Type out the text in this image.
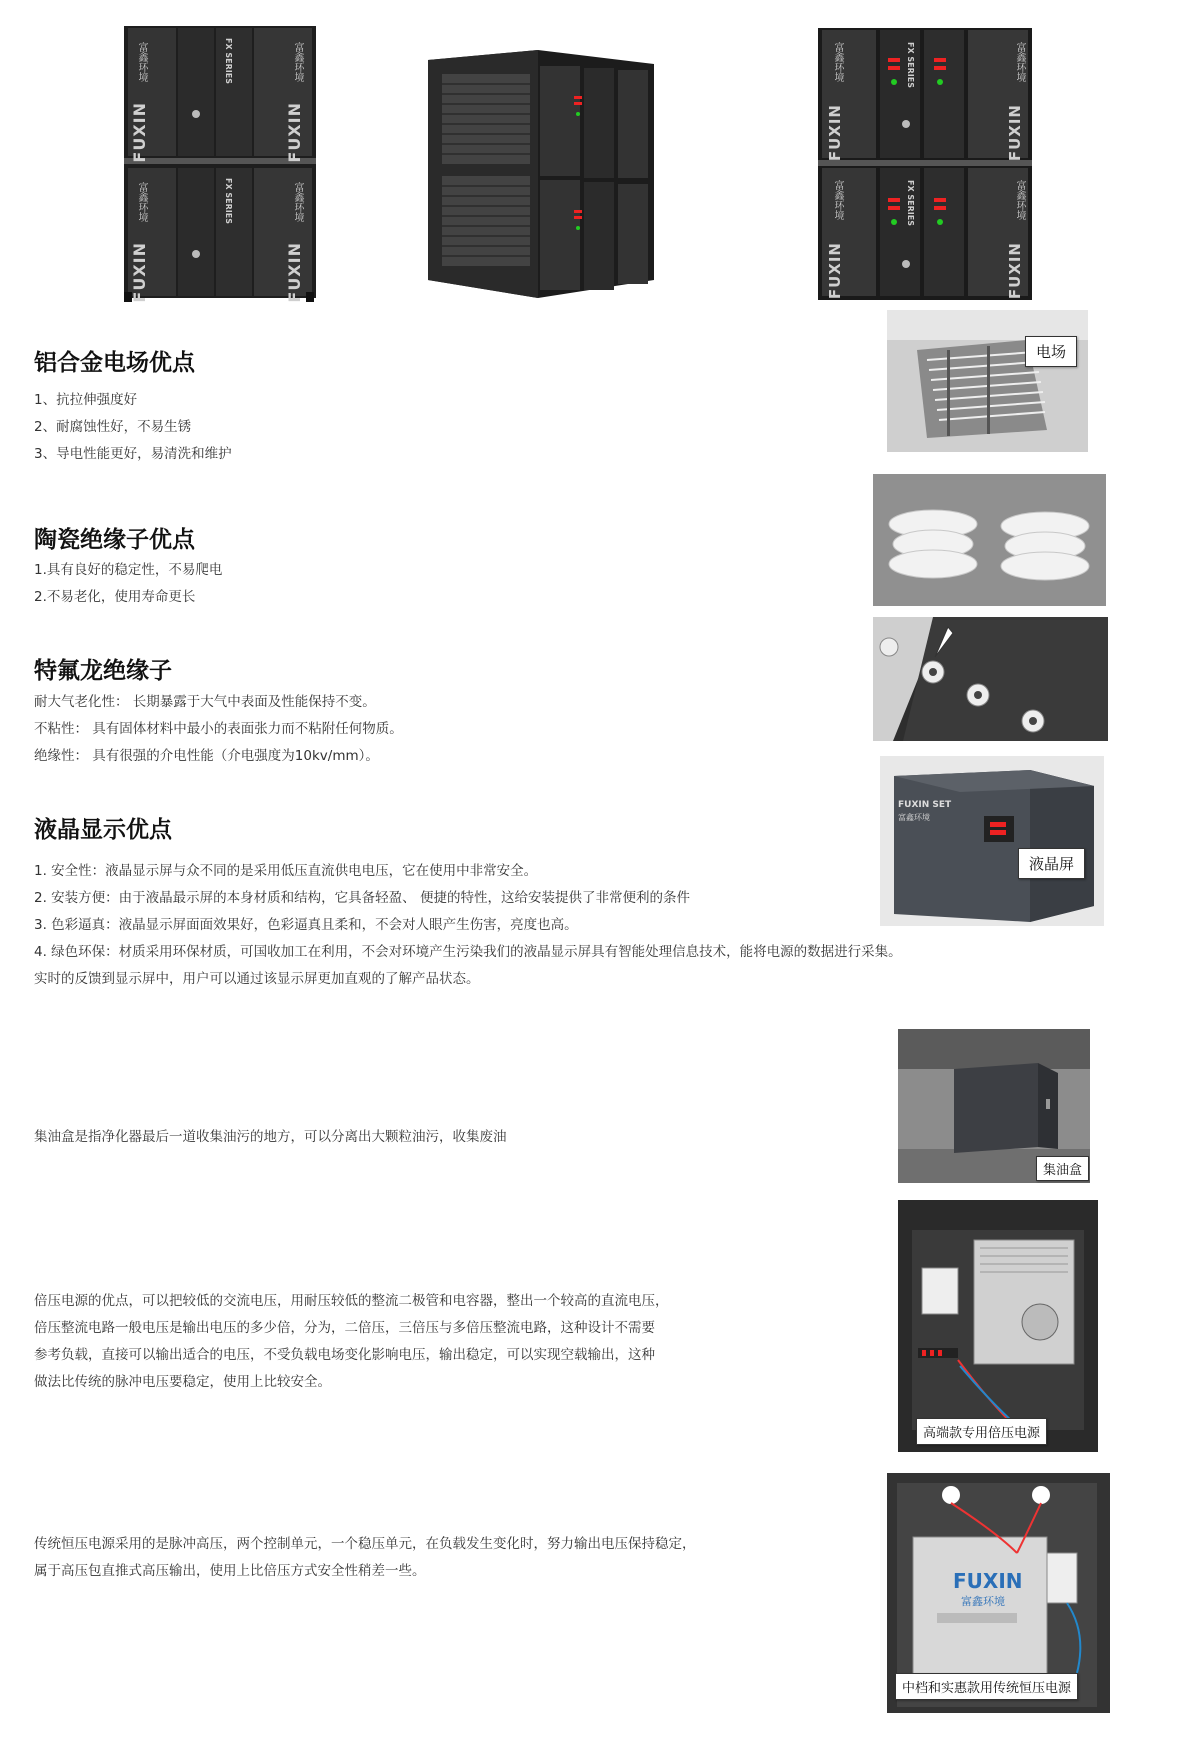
FUXIN
FUXIN
FUXIN
FUXIN
富鑫环境
富鑫环境
富鑫环境
富鑫环境
FX SERIES
FX SERIES
FUXIN
FUXIN
FUXIN
FUXIN
富鑫环境
富鑫环境
富鑫环境
富鑫环境
FX SERIES
FX SERIES
铝合金电场优点
1、抗拉伸强度好
2、耐腐蚀性好，不易生锈
3、导电性能更好，易清洗和维护
电场
陶瓷绝缘子优点
1.具有良好的稳定性，不易爬电
2.不易老化，使用寿命更长
特氟龙绝缘子
耐大气老化性： 长期暴露于大气中表面及性能保持不变。
不粘性： 具有固体材料中最小的表面张力而不粘附任何物质。
绝缘性： 具有很强的介电性能（介电强度为10kv/mm）。
液晶显示优点
1. 安全性：液晶显示屏与众不同的是采用低压直流供电电压，它在使用中非常安全。
2. 安装方便：由于液晶最示屏的本身材质和结构，它具备轻盈、 便捷的特性，这给安装提供了非常便利的条件
3. 色彩逼真：液晶显示屏面面效果好，色彩逼真且柔和，不会对人眼产生伤害，亮度也高。
4. 绿色环保：材质采用环保材质，可国收加工在利用，不会对环境产生污染我们的液晶显示屏具有智能处理信息技术，能将电源的数据进行采集。
实时的反馈到显示屏中，用户可以通过该显示屏更加直观的了解产品状态。
FUXIN SET
富鑫环境
液晶屏
集油盒是指净化器最后一道收集油污的地方，可以分离出大颗粒油污，收集废油
集油盒
倍压电源的优点，可以把较低的交流电压，用耐压较低的整流二极管和电容器，整出一个较高的直流电压，
倍压整流电路一般电压是输出电压的多少倍，分为，二倍压，三倍压与多倍压整流电路，这种设计不需要
参考负载，直接可以输出适合的电压，不受负载电场变化影响电压，输出稳定，可以实现空载输出，这种
做法比传统的脉冲电压要稳定，使用上比较安全。
高端款专用倍压电源
传统恒压电源采用的是脉冲高压，两个控制单元，一个稳压单元，在负载发生变化时，努力输出电压保持稳定，
属于高压包直推式高压输出，使用上比倍压方式安全性稍差一些。	FUXIN
富鑫环境
中档和实惠款用传统恒压电源
